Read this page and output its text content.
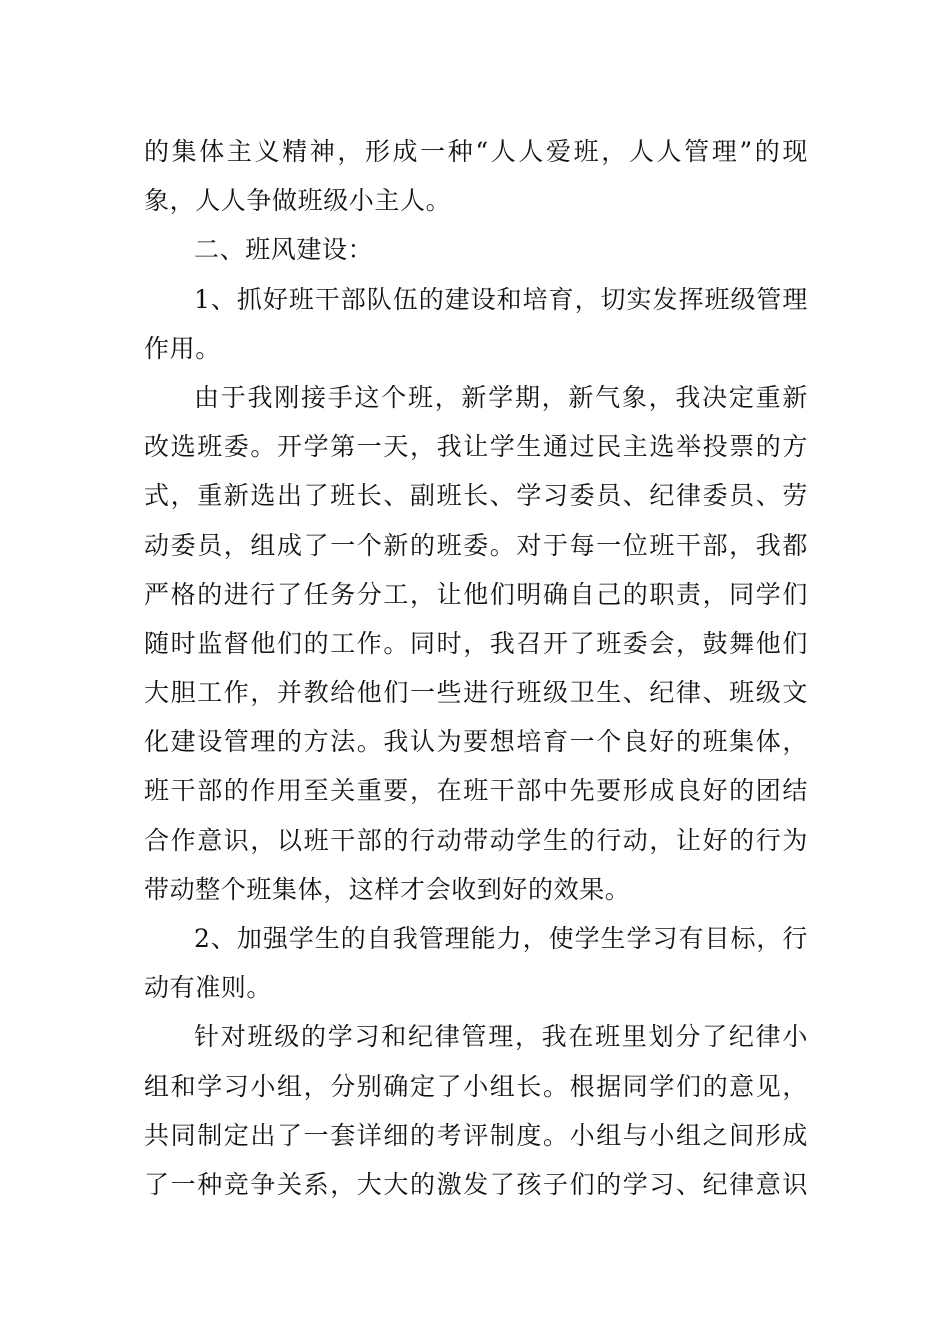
的集体主义精神，形成一种“人人爱班，人人管理”的现
象，人人争做班级小主人。
二、班风建设：
1、抓好班干部队伍的建设和培育，切实发挥班级管理
作用。
由于我刚接手这个班，新学期，新气象，我决定重新
改选班委。开学第一天，我让学生通过民主选举投票的方
式，重新选出了班长、副班长、学习委员、纪律委员、劳
动委员，组成了一个新的班委。对于每一位班干部，我都
严格的进行了任务分工，让他们明确自己的职责，同学们
随时监督他们的工作。同时，我召开了班委会，鼓舞他们
大胆工作，并教给他们一些进行班级卫生、纪律、班级文
化建设管理的方法。我认为要想培育一个良好的班集体，
班干部的作用至关重要，在班干部中先要形成良好的团结
合作意识，以班干部的行动带动学生的行动，让好的行为
带动整个班集体，这样才会收到好的效果。
2、加强学生的自我管理能力，使学生学习有目标，行
动有准则。
针对班级的学习和纪律管理，我在班里划分了纪律小
组和学习小组，分别确定了小组长。根据同学们的意见，
共同制定出了一套详细的考评制度。小组与小组之间形成
了一种竞争关系，大大的激发了孩子们的学习、纪律意识
